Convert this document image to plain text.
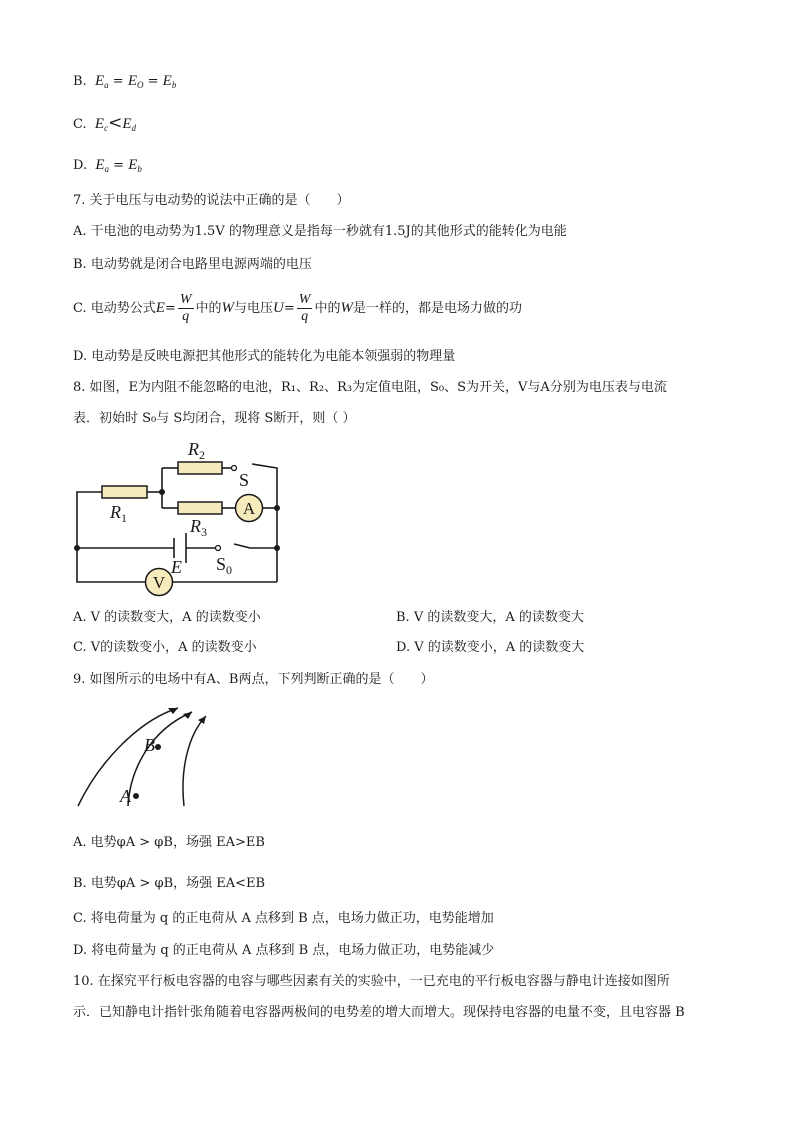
B. $E_a = E_O = E_b$
C. $E_c<E_d$
D. $E_a = E_b$
7. 关于电压与电动势的说法中正确的是（　　）
A. 干电池的电动势为1.5V 的物理意义是指每一秒就有1.5J的其他形式的能转化为电能
B. 电动势就是闭合电路里电源两端的电压
C. 电动势公式$E= \frac{W}{q}$ 中的W与电压$U= \frac{W}{q}$ 中的W是一样的，都是电场力做的功
D. 电动势是反映电源把其他形式的能转化为电能本领强弱的物理量
8. 如图，E为内阻不能忽略的电池，R₁、R₂、R₃为定值电阻，S₀、S为开关，V与A分别为电压表与电流
表．初始时 S₀与 S均闭合，现将 S断开，则（ ）
A
V
$R_1$
$R_2$
$R_3$
S
$S_0$
E
A. V 的读数变大，A 的读数变小	B. V 的读数变大，A 的读数变大
C. V的读数变小，A 的读数变小	D. V 的读数变小，A 的读数变大
9. 如图所示的电场中有A、B两点，下列判断正确的是（　　）
B
A
A. 电势φA > φB，场强 EA>EB
B. 电势φA > φB，场强 EA<EB
C. 将电荷量为 q 的正电荷从 A 点移到 B 点，电场力做正功，电势能增加
D. 将电荷量为 q 的正电荷从 A 点移到 B 点，电场力做正功，电势能减少
10. 在探究平行板电容器的电容与哪些因素有关的实验中，一已充电的平行板电容器与静电计连接如图所
示．已知静电计指针张角随着电容器两极间的电势差的增大而增大。现保持电容器的电量不变，且电容器 B
